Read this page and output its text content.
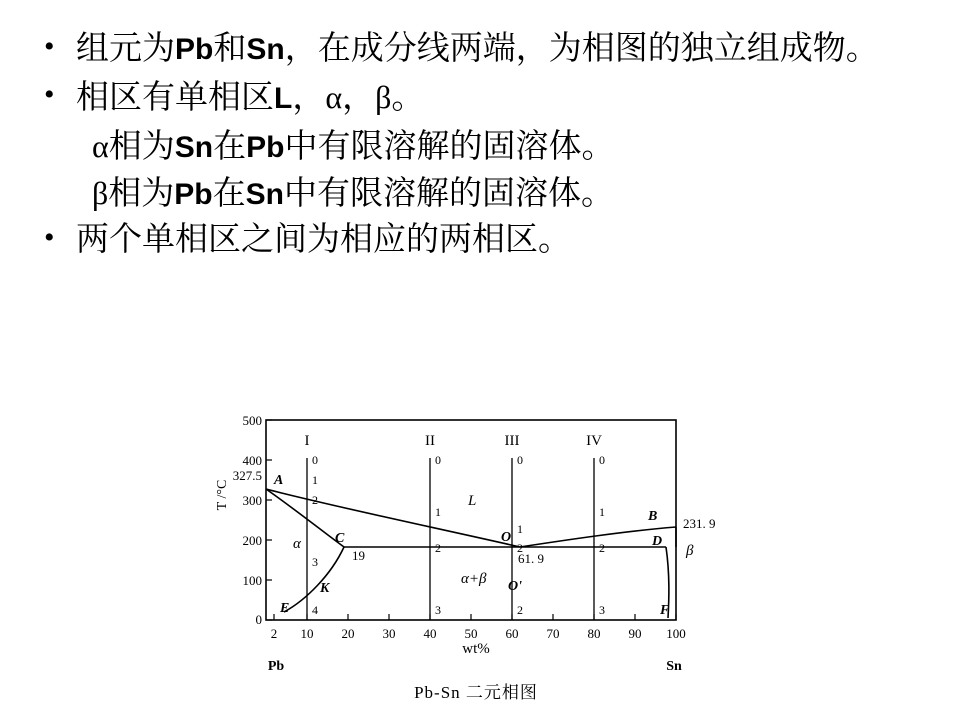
• 组元为Pb和Sn，在成分线两端，为相图的独立组成物。
• 相区有单相区L，α，β。
α相为Sn在Pb中有限溶解的固溶体。
β相为Pb在Sn中有限溶解的固溶体。
• 两个单相区之间为相应的两相区。
500
400
200
100
0
300
T /°C
327.5
2 10 20 30 40 50 60 70 80 90 100
wt%
Pb	Sn
I	II	III	IV
0
1
2
3
4
0
1
2
3
0
1
2
2
0
1
2
3
A
B
C	D
E	F
K
O
O'
L
α	β
α+β
19	61. 9
231. 9
Pb-Sn 二元相图
